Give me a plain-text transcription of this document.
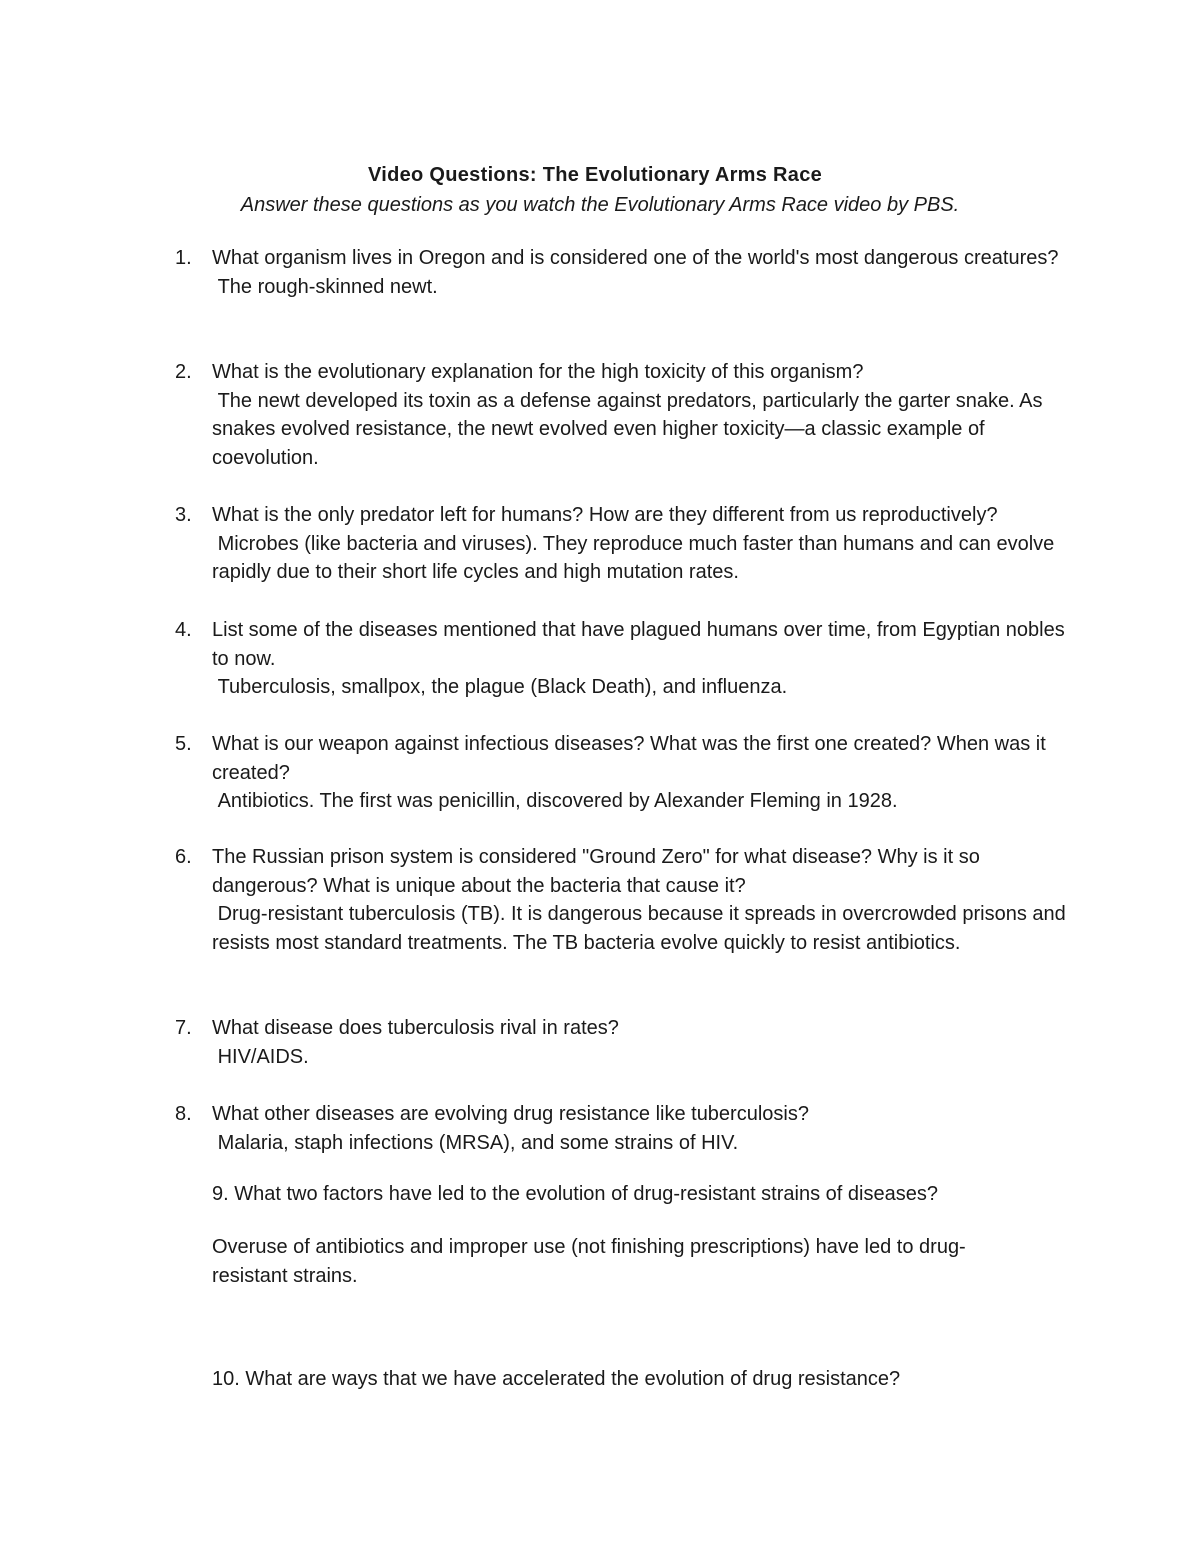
Video Questions: The Evolutionary Arms Race
Answer these questions as you watch the Evolutionary Arms Race video by PBS.
1.	What organism lives in Oregon and is considered one of the world's most dangerous creatures?
The rough-skinned newt.
2.	What is the evolutionary explanation for the high toxicity of this organism?
The newt developed its toxin as a defense against predators, particularly the garter snake. As snakes evolved resistance, the newt evolved even higher toxicity—a classic example of coevolution.
3.	What is the only predator left for humans? How are they different from us reproductively?
Microbes (like bacteria and viruses). They reproduce much faster than humans and can evolve rapidly due to their short life cycles and high mutation rates.
4.	List some of the diseases mentioned that have plagued humans over time, from Egyptian nobles to now.
Tuberculosis, smallpox, the plague (Black Death), and influenza.
5.	What is our weapon against infectious diseases? What was the first one created? When was it created?
Antibiotics. The first was penicillin, discovered by Alexander Fleming in 1928.
6.	The Russian prison system is considered "Ground Zero" for what disease? Why is it so dangerous? What is unique about the bacteria that cause it?
Drug-resistant tuberculosis (TB). It is dangerous because it spreads in overcrowded prisons and resists most standard treatments. The TB bacteria evolve quickly to resist antibiotics.
7.	What disease does tuberculosis rival in rates?
HIV/AIDS.
8.	What other diseases are evolving drug resistance like tuberculosis?
Malaria, staph infections (MRSA), and some strains of HIV.
9. What two factors have led to the evolution of drug-resistant strains of diseases?
Overuse of antibiotics and improper use (not finishing prescriptions) have led to drug-resistant strains.
10. What are ways that we have accelerated the evolution of drug resistance?
